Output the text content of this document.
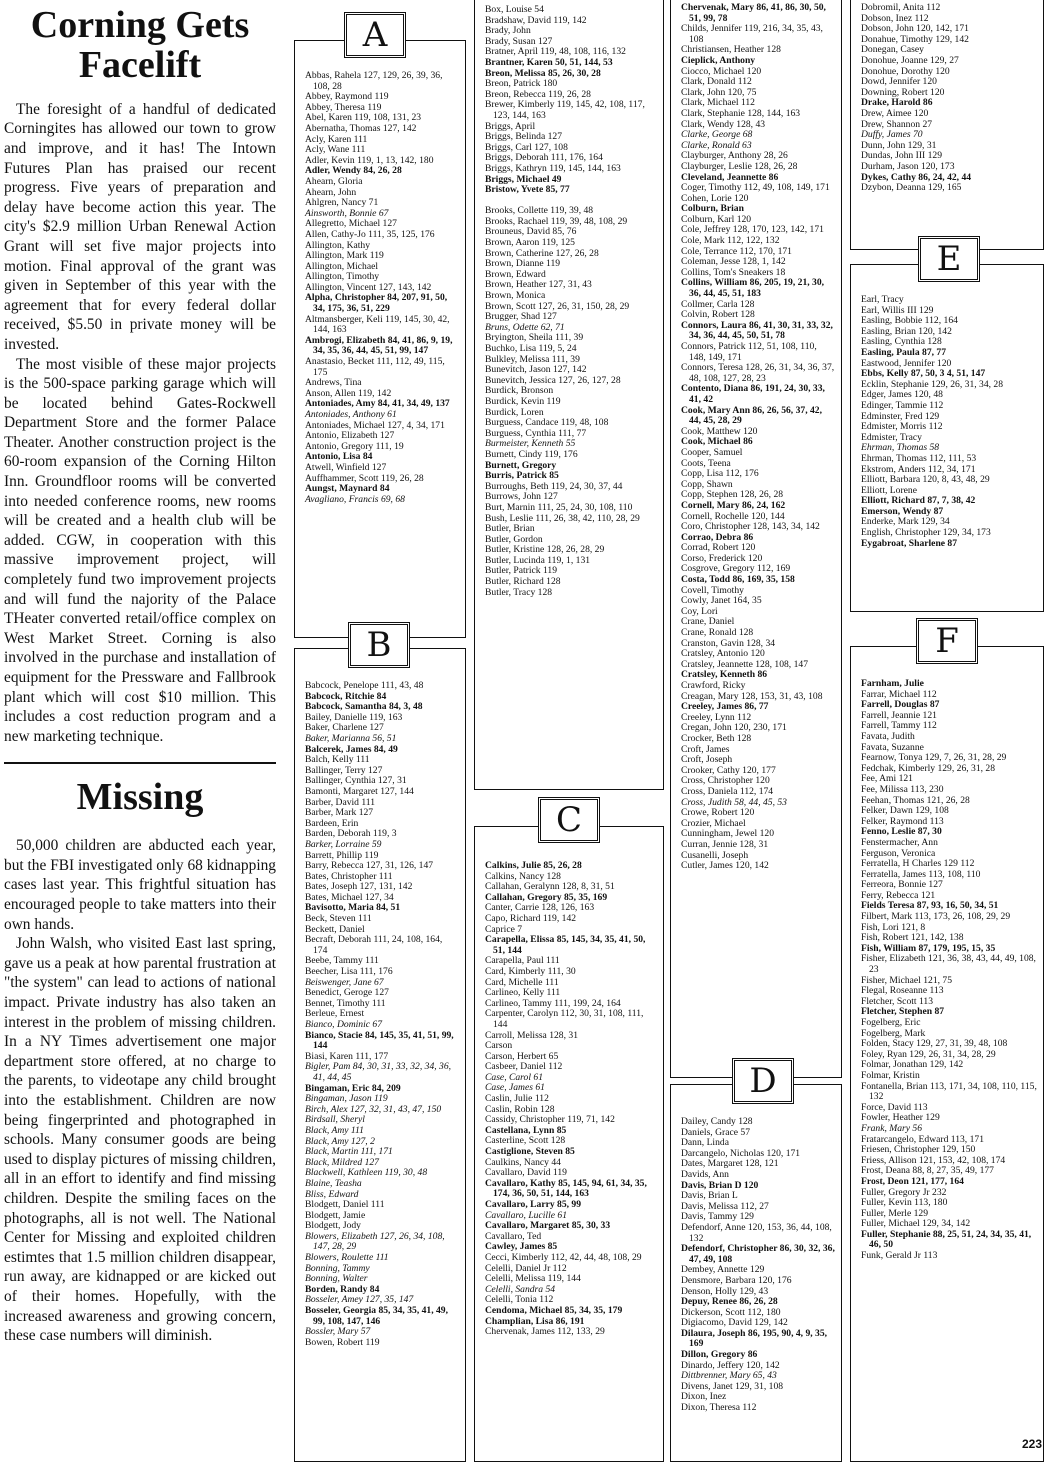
Corning Gets Facelift

The foresight of a handful of dedicated Corningites has allowed our town to grow and improve, and it has! The Intown Futures Plan has praised our recent progress. Five years of preparation and delay have become action this year. The city's $2.9 million Urban Renewal Action Grant will set five major projects into motion. Final approval of the grant was given in September of this year with the agreement that for every federal dollar received, $5.50 in private money will be invested.

The most visible of these major projects is the 500-space parking garage which will be located behind Gates-Rockwell Department Store and the former Palace Theater. Another construction project is the 60-room expansion of the Corning Hilton Inn. Groundfloor rooms will be converted into needed conference rooms, new rooms will be created and a health club will be added. CGW, in cooperation with this massive improvement project, will completely fund two improvement projects and will fund the najority of the Palace THeater converted retail/office complex on West Market Street. Corning is also involved in the purchase and installation of equipment for the Pressware and Fallbrook plant which will cost $10 million. This includes a cost reduction program and a new marketing technique.

Missing

50,000 children are abducted each year, but the FBI investigated only 68 kidnapping cases last year. This frightful situation has encouraged people to take matters into their own hands.

John Walsh, who visited East last spring, gave us a peak at how parental frustration at "the system" can lead to actions of national impact. Private industry has also taken an interest in the problem of missing children. In a NY Times advertisement one major department store offered, at no charge to the parents, to videotape any child brought into the establishment. Children are now being fingerprinted and photographed in schools. Many consumer goods are being used to display pictures of missing children, all in an effort to identify and find missing children. Despite the smiling faces on the photographs, all is not well. The National Center for Missing and exploited children estimtes that 1.5 million children disappear, run away, are kidnapped or are kicked out of their homes. Hopefully, with the increased awareness and growing concern, these case numbers will diminish.

Abbas, Rahela 127, 129, 26, 39, 36, 108, 28
Abbey, Raymond 119
Abbey, Theresa 119
Abel, Karen 119, 108, 131, 23
Abernatha, Thomas 127, 142
Acly, Karen 111
Acly, Wane 111
Adler, Kevin 119, 1, 13, 142, 180
Adler, Wendy 84, 26, 28
Ahearn, Gloria
Ahearn, John
Ahlgren, Nancy 71
Ainsworth, Bonnie 67
Allegretto, Michael 127
Allen, Cathy-Jo 111, 35, 125, 176
Allington, Kathy
Allington, Mark 119
Allington, Michael
Allington, Timothy
Allington, Vincent 127, 143, 142
Alpha, Christopher 84, 207, 91, 50, 34, 175, 36, 51, 229
Altmansberger, Keli 119, 145, 30, 42, 144, 163
Ambrogi, Elizabeth 84, 41, 86, 9, 19, 34, 35, 36, 44, 45, 51, 99, 147
Anastasio, Becket 111, 112, 49, 115, 175
Andrews, Tina
Anson, Allen 119, 142
Antoniades, Amy 84, 41, 34, 49, 137
Antoniades, Anthony 61
Antoniades, Michael 127, 4, 34, 171
Antonio, Elizabeth 127
Antonio, Gregory 111, 19
Antonio, Lisa 84
Atwell, Winfield 127
Auffhammer, Scott 119, 26, 28
Aungst, Maynard 84
Avagliano, Francis 69, 68
A
Babcock, Penelope 111, 43, 48
Babcock, Ritchie 84
Babcock, Samantha 84, 3, 48
Bailey, Danielle 119, 163
Baker, Charlene 127
Baker, Marianna 56, 51
Balcerek, James 84, 49
Balch, Kelly 111
Ballinger, Terry 127
Ballinger, Cynthia 127, 31
Bamonti, Margaret 127, 144
Barber, David 111
Barber, Mark 127
Bardeen, Erin
Barden, Deborah 119, 3
Barker, Lorraine 59
Barrett, Phillip 119
Barry, Rebecca 127, 31, 126, 147
Bates, Christopher 111
Bates, Joseph 127, 131, 142
Bates, Michael 127, 34
Bavisotto, Maria 84, 51
Beck, Steven 111
Beckett, Daniel
Becraft, Deborah 111, 24, 108, 164, 174
Beebe, Tammy 111
Beecher, Lisa 111, 176
Beiswenger, Jane 67
Benedict, Geroge 127
Bennet, Timothy 111
Berleue, Ernest
Bianco, Dominic 67
Bianco, Stacie 84, 145, 35, 41, 51, 99, 144
Biasi, Karen 111, 177
Bigler, Pam 84, 30, 31, 33, 32, 34, 36, 41, 44, 45
Bingaman, Eric 84, 209
Bingaman, Jason 119
Birch, Alex 127, 32, 31, 43, 47, 150
Birdsall, Sheryl
Black, Amy 111
Black, Amy 127, 2
Black, Martin 111, 171
Black, Mildred 127
Blackwell, Kathleen 119, 30, 48
Blaine, Teasha
Bliss, Edward
Blodgett, Daniel 111
Blodgett, Jamie
Blodgett, Jody
Blowers, Elizabeth 127, 26, 34, 108, 147, 28, 29
Blowers, Roulette 111
Bonning, Tammy
Bonning, Walter
Borden, Randy 84
Bosseler, Amey 127, 35, 147
Bosseler, Georgia 85, 34, 35, 41, 49, 99, 108, 147, 146
Bossler, Mary 57
Bowen, Robert 119
B
Box, Louise 54
Bradshaw, David 119, 142
Brady, John
Brady, Susan 127
Bratner, April 119, 48, 108, 116, 132
Brantner, Karen 50, 51, 144, 53
Breon, Melissa 85, 26, 30, 28
Breon, Patrick 180
Breon, Rebecca 119, 26, 28
Brewer, Kimberly 119, 145, 42, 108, 117, 123, 144, 163
Briggs, April
Briggs, Belinda 127
Briggs, Carl 127, 108
Briggs, Deborah 111, 176, 164
Briggs, Kathryn 119, 145, 144, 163
Briggs, Michael 49
Bristow, Yvete 85, 77

Brooks, Collette 119, 39, 48
Brooks, Rachael 119, 39, 48, 108, 29
Brouneus, David 85, 76
Brown, Aaron 119, 125
Brown, Catherine 127, 26, 28
Brown, Dianne 119
Brown, Edward
Brown, Heather 127, 31, 43
Brown, Monica
Brown, Scott 127, 26, 31, 150, 28, 29
Brugger, Shad 127
Bruns, Odette 62, 71
Bryington, Sheila 111, 39
Buchko, Lisa 119, 5, 24
Bulkley, Melissa 111, 39
Bunevitch, Jason 127, 142
Bunevitch, Jessica 127, 26, 127, 28
Burdick, Bronson
Burdick, Kevin 119
Burdick, Loren
Burguess, Candace 119, 48, 108
Burguess, Cynthia 111, 77
Burmeister, Kenneth 55
Burnett, Cindy 119, 176
Burnett, Gregory
Burris, Patrick 85
Burroughs, Beth 119, 24, 30, 37, 44
Burrows, John 127
Burt, Marnin 111, 25, 24, 30, 108, 110
Bush, Leslie 111, 26, 38, 42, 110, 28, 29
Butler, Brian
Butler, Gordon
Butler, Kristine 128, 26, 28, 29
Butler, Lucinda 119, 1, 131
Butler, Patrick 119
Butler, Richard 128
Butler, Tracy 128
Calkins, Julie 85, 26, 28
Calkins, Nancy 128
Callahan, Geralynn 128, 8, 31, 51
Callahan, Gregory 85, 35, 169
Canter, Carrie 128, 126, 163
Capo, Richard 119, 142
Caprice 7
Carapella, Elissa 85, 145, 34, 35, 41, 50, 51, 144
Carapella, Paul 111
Card, Kimberly 111, 30
Card, Michelle 111
Carlineo, Kelly 111
Carlineo, Tammy 111, 199, 24, 164
Carpenter, Carolyn 112, 30, 31, 108, 111, 144
Carroll, Melissa 128, 31
Carson
Carson, Herbert 65
Casbeer, Daniel 112
Case, Carol 61
Case, James 61
Caslin, Julie 112
Caslin, Robin 128
Cassidy, Christopher 119, 71, 142
Castellana, Lynn 85
Casterline, Scott 128
Castiglione, Steven 85
Caulkins, Nancy 44
Cavallaro, David 119
Cavallaro, Kathy 85, 145, 94, 61, 34, 35, 174, 36, 50, 51, 144, 163
Cavallaro, Larry 85, 99
Cavallaro, Lucille 61
Cavallaro, Margaret 85, 30, 33
Cavallaro, Ted
Cawley, James 85
Cecci, Kimberly 112, 42, 44, 48, 108, 29
Celelli, Daniel Jr 112
Celelli, Melissa 119, 144
Celelli, Sandra 54
Celelli, Tonia 112
Cendoma, Michael 85, 34, 35, 179
Champlian, Lisa 86, 191
Chervenak, James 112, 133, 29
C
Chervenak, Mary 86, 41, 86, 30, 50, 51, 99, 78
Childs, Jennifer 119, 216, 34, 35, 43, 108
Christiansen, Heather 128
Cieplick, Anthony
Ciocco, Michael 120
Clark, Donald 112
Clark, John 120, 75
Clark, Michael 112
Clark, Stephanie 128, 144, 163
Clark, Wendy 128, 43
Clarke, George 68
Clarke, Ronald 63
Clayburger, Anthony 28, 26
Clayburger, Leslie 128, 26, 28
Cleveland, Jeannette 86
Coger, Timothy 112, 49, 108, 149, 171
Cohen, Lorie 120
Colburn, Brian
Colburn, Karl 120
Cole, Jeffrey 128, 170, 123, 142, 171
Cole, Mark 112, 122, 132
Cole, Terrance 112, 170, 171
Coleman, Jesse 128, 1, 142
Collins, Tom's Sneakers 18
Collins, William 86, 205, 19, 21, 30, 36, 44, 45, 51, 183
Collmer, Carla 128
Colvin, Robert 128
Connors, Laura 86, 41, 30, 31, 33, 32, 34, 36, 44, 45, 50, 51, 78
Connors, Patrick 112, 51, 108, 110, 148, 149, 171
Connors, Teresa 128, 26, 31, 34, 36, 37, 48, 108, 127, 28, 23
Contento, Diana 86, 191, 24, 30, 33, 41, 42
Cook, Mary Ann 86, 26, 56, 37, 42, 44, 45, 28, 29
Cook, Matthew 120
Cook, Michael 86
Cooper, Samuel
Coots, Teena
Copp, Lisa 112, 176
Copp, Shawn
Copp, Stephen 128, 26, 28
Cornell, Mary 86, 24, 162
Cornell, Rochelle 120, 144
Coro, Christopher 128, 143, 34, 142
Corrao, Debra 86
Corrad, Robert 120
Corso, Frederick 120
Cosgrove, Gregory 112, 169
Costa, Todd 86, 169, 35, 158
Covell, Timothy
Cowly, Janet 164, 35
Coy, Lori
Crane, Daniel
Crane, Ronald 128
Cranston, Gavin 128, 34
Cratsley, Antonio 120
Cratsley, Jeannette 128, 108, 147
Cratsley, Kenneth 86
Crawford, Ricky
Creagan, Mary 128, 153, 31, 43, 108
Creeley, James 86, 77
Creeley, Lynn 112
Cregan, John 120, 230, 171
Crocker, Beth 128
Croft, James
Croft, Joseph
Crooker, Cathy 120, 177
Cross, Christopher 120
Cross, Daniela 112, 174
Cross, Judith 58, 44, 45, 53
Crowe, Robert 120
Crozier, Michael
Cunningham, Jewel 120
Curran, Jennie 128, 31
Cusanelli, Joseph
Cutler, James 120, 142
Dailey, Candy 128
Daniels, Grace 57
Dann, Linda
Darcangelo, Nicholas 120, 171
Dates, Margaret 128, 121
Davids, Ann
Davis, Brian D 120
Davis, Brian L
Davis, Melissa 112, 27
Davis, Tammy 129
Defendorf, Anne 120, 153, 36, 44, 108, 132
Defendorf, Christopher 86, 30, 32, 36, 47, 49, 108
Dembey, Annette 129
Densmore, Barbara 120, 176
Denson, Holly 129, 43
Depuy, Renee 86, 26, 28
Dickerson, Scott 112, 180
Digiacomo, David 129, 142
Dilaura, Joseph 86, 195, 90, 4, 9, 35, 169
Dillon, Gregory 86
Dinardo, Jeffery 120, 142
Dittbrenner, Mary 65, 43
Divens, Janet 129, 31, 108
Dixon, Inez
Dixon, Theresa 112
D
Dobromil, Anita 112
Dobson, Inez 112
Dobson, John 120, 142, 171
Donahue, Timothy 129, 142
Donegan, Casey
Donohue, Joanne 129, 27
Donohue, Dorothy 120
Dowd, Jennifer 120
Downing, Robert 120
Drake, Harold 86
Drew, Aimee 120
Drew, Shannon 27
Duffy, James 70
Dunn, John 129, 31
Dundas, John III 129
Durham, Jason 120, 173
Dykes, Cathy 86, 24, 42, 44
Dzybon, Deanna 129, 165
Earl, Tracy
Earl, Willis III 129
Easling, Bobbie 112, 164
Easling, Brian 120, 142
Easling, Cynthia 128
Easling, Paula 87, 77
Eastwood, Jennifer 120
Ebbs, Kelly 87, 50, 3 4, 51, 147
Ecklin, Stephanie 129, 26, 31, 34, 28
Edger, James 120, 48
Edinger, Tammie 112
Edminster, Fred 129
Edmister, Morris 112
Edmister, Tracy
Ehrman, Thomas 58
Ehrman, Thomas 112, 111, 53
Ekstrom, Anders 112, 34, 171
Elliott, Barbara 120, 8, 43, 48, 29
Elliott, Lorene
Elliott, Richard 87, 7, 38, 42
Emerson, Wendy 87
Enderke, Mark 129, 34
English, Christopher 129, 34, 173
Eygabroat, Sharlene 87
E
Farnham, Julie
Farrar, Michael 112
Farrell, Douglas 87
Farrell, Jeannie 121
Farrell, Tammy 112
Favata, Judith
Favata, Suzanne
Fearnow, Tonya 129, 7, 26, 31, 28, 29
Fedchak, Kimberly 129, 26, 31, 28
Fee, Ami 121
Fee, Milissa 113, 230
Feehan, Thomas 121, 26, 28
Felker, Dawn 129, 108
Felker, Raymond 113
Fenno, Leslie 87, 30
Fenstermacher, Ann
Ferguson, Veronica
Ferratella, H Charles 129 112
Ferratella, James 113, 108, 110
Ferreora, Bonnie 127
Ferry, Rebecca 121
Fields Teresa 87, 93, 16, 50, 34, 51
Filbert, Mark 113, 173, 26, 108, 29, 29
Fish, Lori 121, 8
Fish, Robert 121, 142, 138
Fish, William 87, 179, 195, 15, 35
Fisher, Elizabeth 121, 36, 38, 43, 44, 49, 108, 23
Fisher, Michael 121, 75
Flegal, Roseanne 113
Fletcher, Scott 113
Fletcher, Stephen 87
Fogelberg, Eric
Fogelberg, Mark
Folden, Stacy 129, 27, 31, 39, 48, 108
Foley, Ryan 129, 26, 31, 34, 28, 29
Folmar, Jonathan 129, 142
Folmar, Kristin
Fontanella, Brian 113, 171, 34, 108, 110, 115, 132
Force, David 113
Fowler, Heather 129
Frank, Mary 56
Fratarcangelo, Edward 113, 171
Friesen, Christopher 129, 150
Friess, Allison 121, 153, 42, 108, 174
Frost, Deana 88, 8, 27, 35, 49, 177
Frost, Deon 121, 177, 164
Fuller, Gregory Jr 232
Fuller, Kevin 113, 180
Fuller, Merle 129
Fuller, Michael 129, 34, 142
Fuller, Stephanie 88, 25, 51, 24, 34, 35, 41, 46, 50
Funk, Gerald Jr 113
F
223
